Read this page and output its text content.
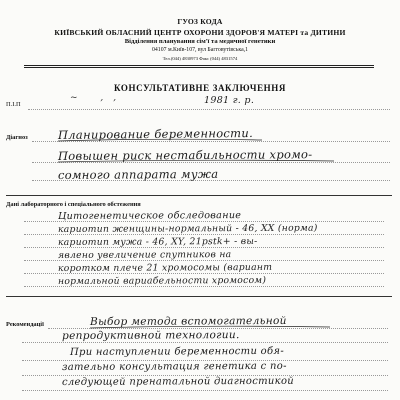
ГУОЗ КОДА
КИЇВСЬКИЙ ОБЛАСНИЙ ЦЕНТР ОХОРОНИ ЗДОРОВ'Я МАТЕРІ та ДИТИНИ
Відділення планування сім'ї та медичної генетики
04107 м.Київ-107, вул Багговутівська,1
Тел.(044) 4830973 Факс (044) 4831574
КОНСУЛЬТАТИВНЕ ЗАКЛЮЧЕННЯ
П.І.П
~ ,,	1981 г. р.
Діагноз	Планирование беременности.
Повышен риск нестабильности хромо-
сомного аппарата мужа
Дані лабораторного і спеціального обстеження
Цитогенетическое обследование
кариотип женщины-нормальный - 46, XX (норма)
кариотип мужа - 46, XY, 21pstk+ - вы-
явлено увеличение спутников на
коротком плече 21 хромосомы (вариант
нормальной вариабельности хромосом)
Рекомендації	Выбор метода вспомогательной
репродуктивной технологии.
При наступлении беременности обя-
зательно консультация генетика с по-
следующей пренатальной диагностикой
